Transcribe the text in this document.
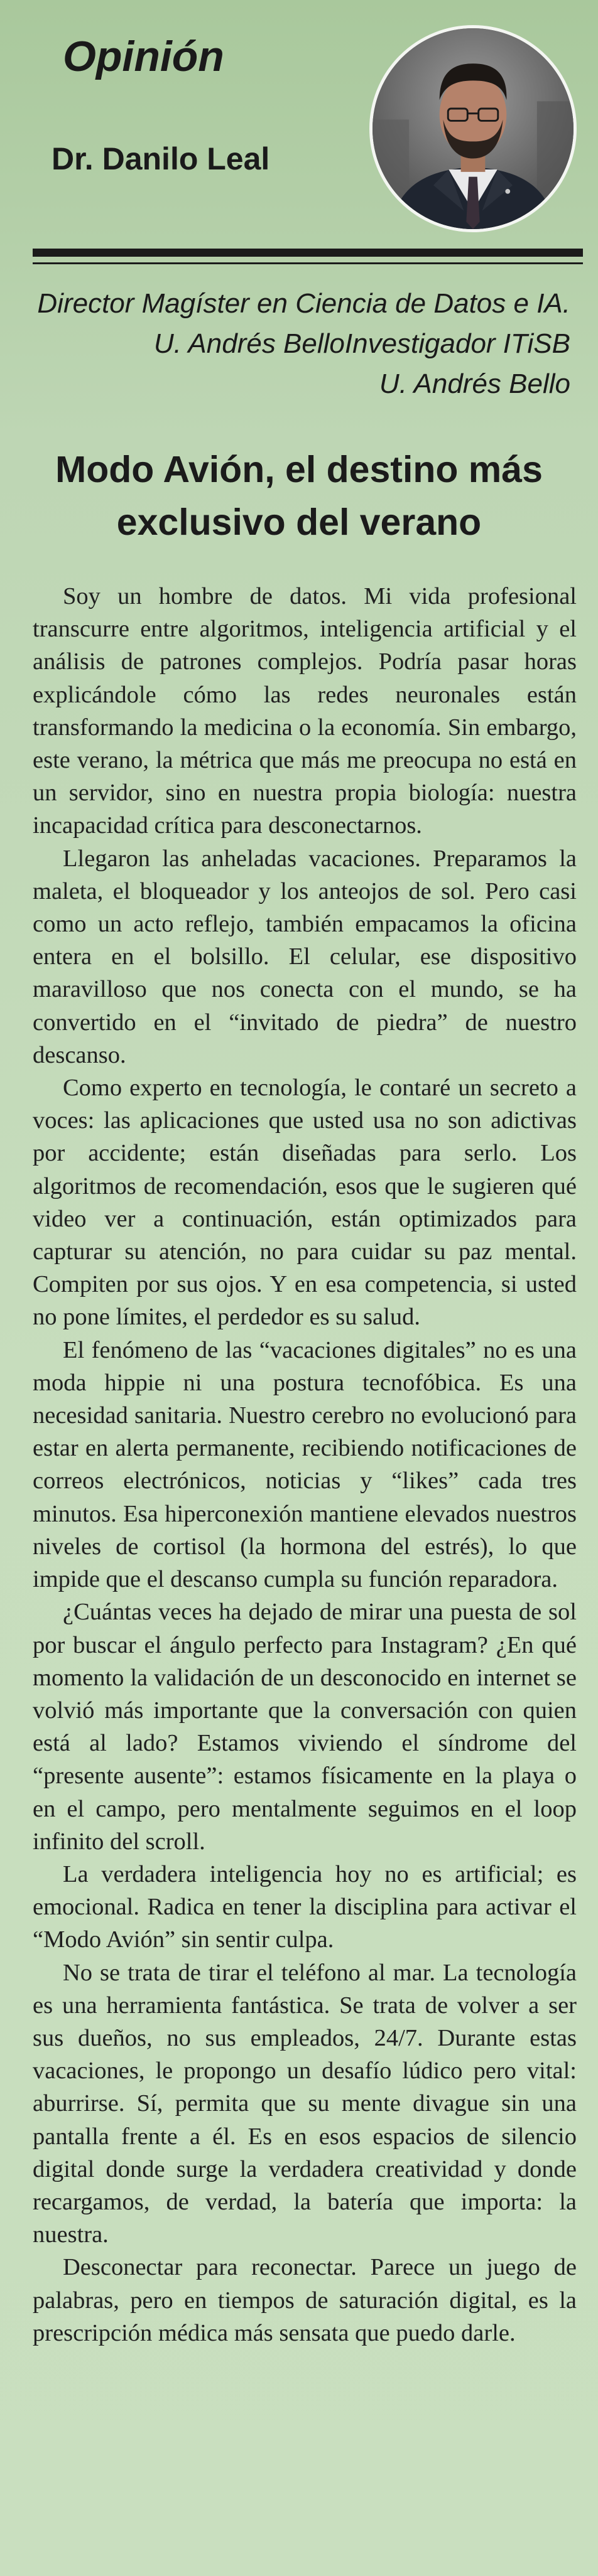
Opinión
Dr. Danilo Leal
Director Magíster en Ciencia de Datos e IA.
U. Andrés BelloInvestigador ITiSB
U. Andrés Bello
Modo Avión, el destino más
exclusivo del verano

Soy un hombre de datos. Mi vida profesional transcurre entre algoritmos, inteligencia artificial y el análisis de patrones complejos. Podría pasar horas explicándole cómo las redes neuronales están transformando la medicina o la economía. Sin embargo, este verano, la métrica que más me preocupa no está en un servidor, sino en nuestra propia biología: nuestra incapacidad crítica para desconectarnos.

Llegaron las anheladas vacaciones. Preparamos la maleta, el bloqueador y los anteojos de sol. Pero casi como un acto reflejo, también empacamos la oficina entera en el bolsillo. El celular, ese dispositivo maravilloso que nos conecta con el mundo, se ha convertido en el “invitado de piedra” de nuestro descanso.

Como experto en tecnología, le contaré un secreto a voces: las aplicaciones que usted usa no son adictivas por accidente; están diseñadas para serlo. Los algoritmos de recomendación, esos que le sugieren qué video ver a continuación, están optimizados para capturar su atención, no para cuidar su paz mental. Compiten por sus ojos. Y en esa competencia, si usted no pone límites, el perdedor es su salud.

El fenómeno de las “vacaciones digitales” no es una moda hippie ni una postura tecnofóbica. Es una necesidad sanitaria. Nuestro cerebro no evolucionó para estar en alerta permanente, recibiendo notificaciones de correos electrónicos, noticias y “likes” cada tres minutos. Esa hiperconexión mantiene elevados nuestros niveles de cortisol (la hormona del estrés), lo que impide que el descanso cumpla su función reparadora.

¿Cuántas veces ha dejado de mirar una puesta de sol por buscar el ángulo perfecto para Instagram? ¿En qué momento la validación de un desconocido en internet se volvió más importante que la conversación con quien está al lado? Estamos viviendo el síndrome del “presente ausente”: estamos físicamente en la playa o en el campo, pero mentalmente seguimos en el loop infinito del scroll.

La verdadera inteligencia hoy no es artificial; es emocional. Radica en tener la disciplina para activar el “Modo Avión” sin sentir culpa.

No se trata de tirar el teléfono al mar. La tecnología es una herramienta fantástica. Se trata de volver a ser sus dueños, no sus empleados, 24/7. Durante estas vacaciones, le propongo un desafío lúdico pero vital: aburrirse. Sí, permita que su mente divague sin una pantalla frente a él. Es en esos espacios de silencio digital donde surge la verdadera creatividad y donde recargamos, de verdad, la batería que importa: la nuestra.

Desconectar para reconectar. Parece un juego de palabras, pero en tiempos de saturación digital, es la prescripción médica más sensata que puedo darle.
